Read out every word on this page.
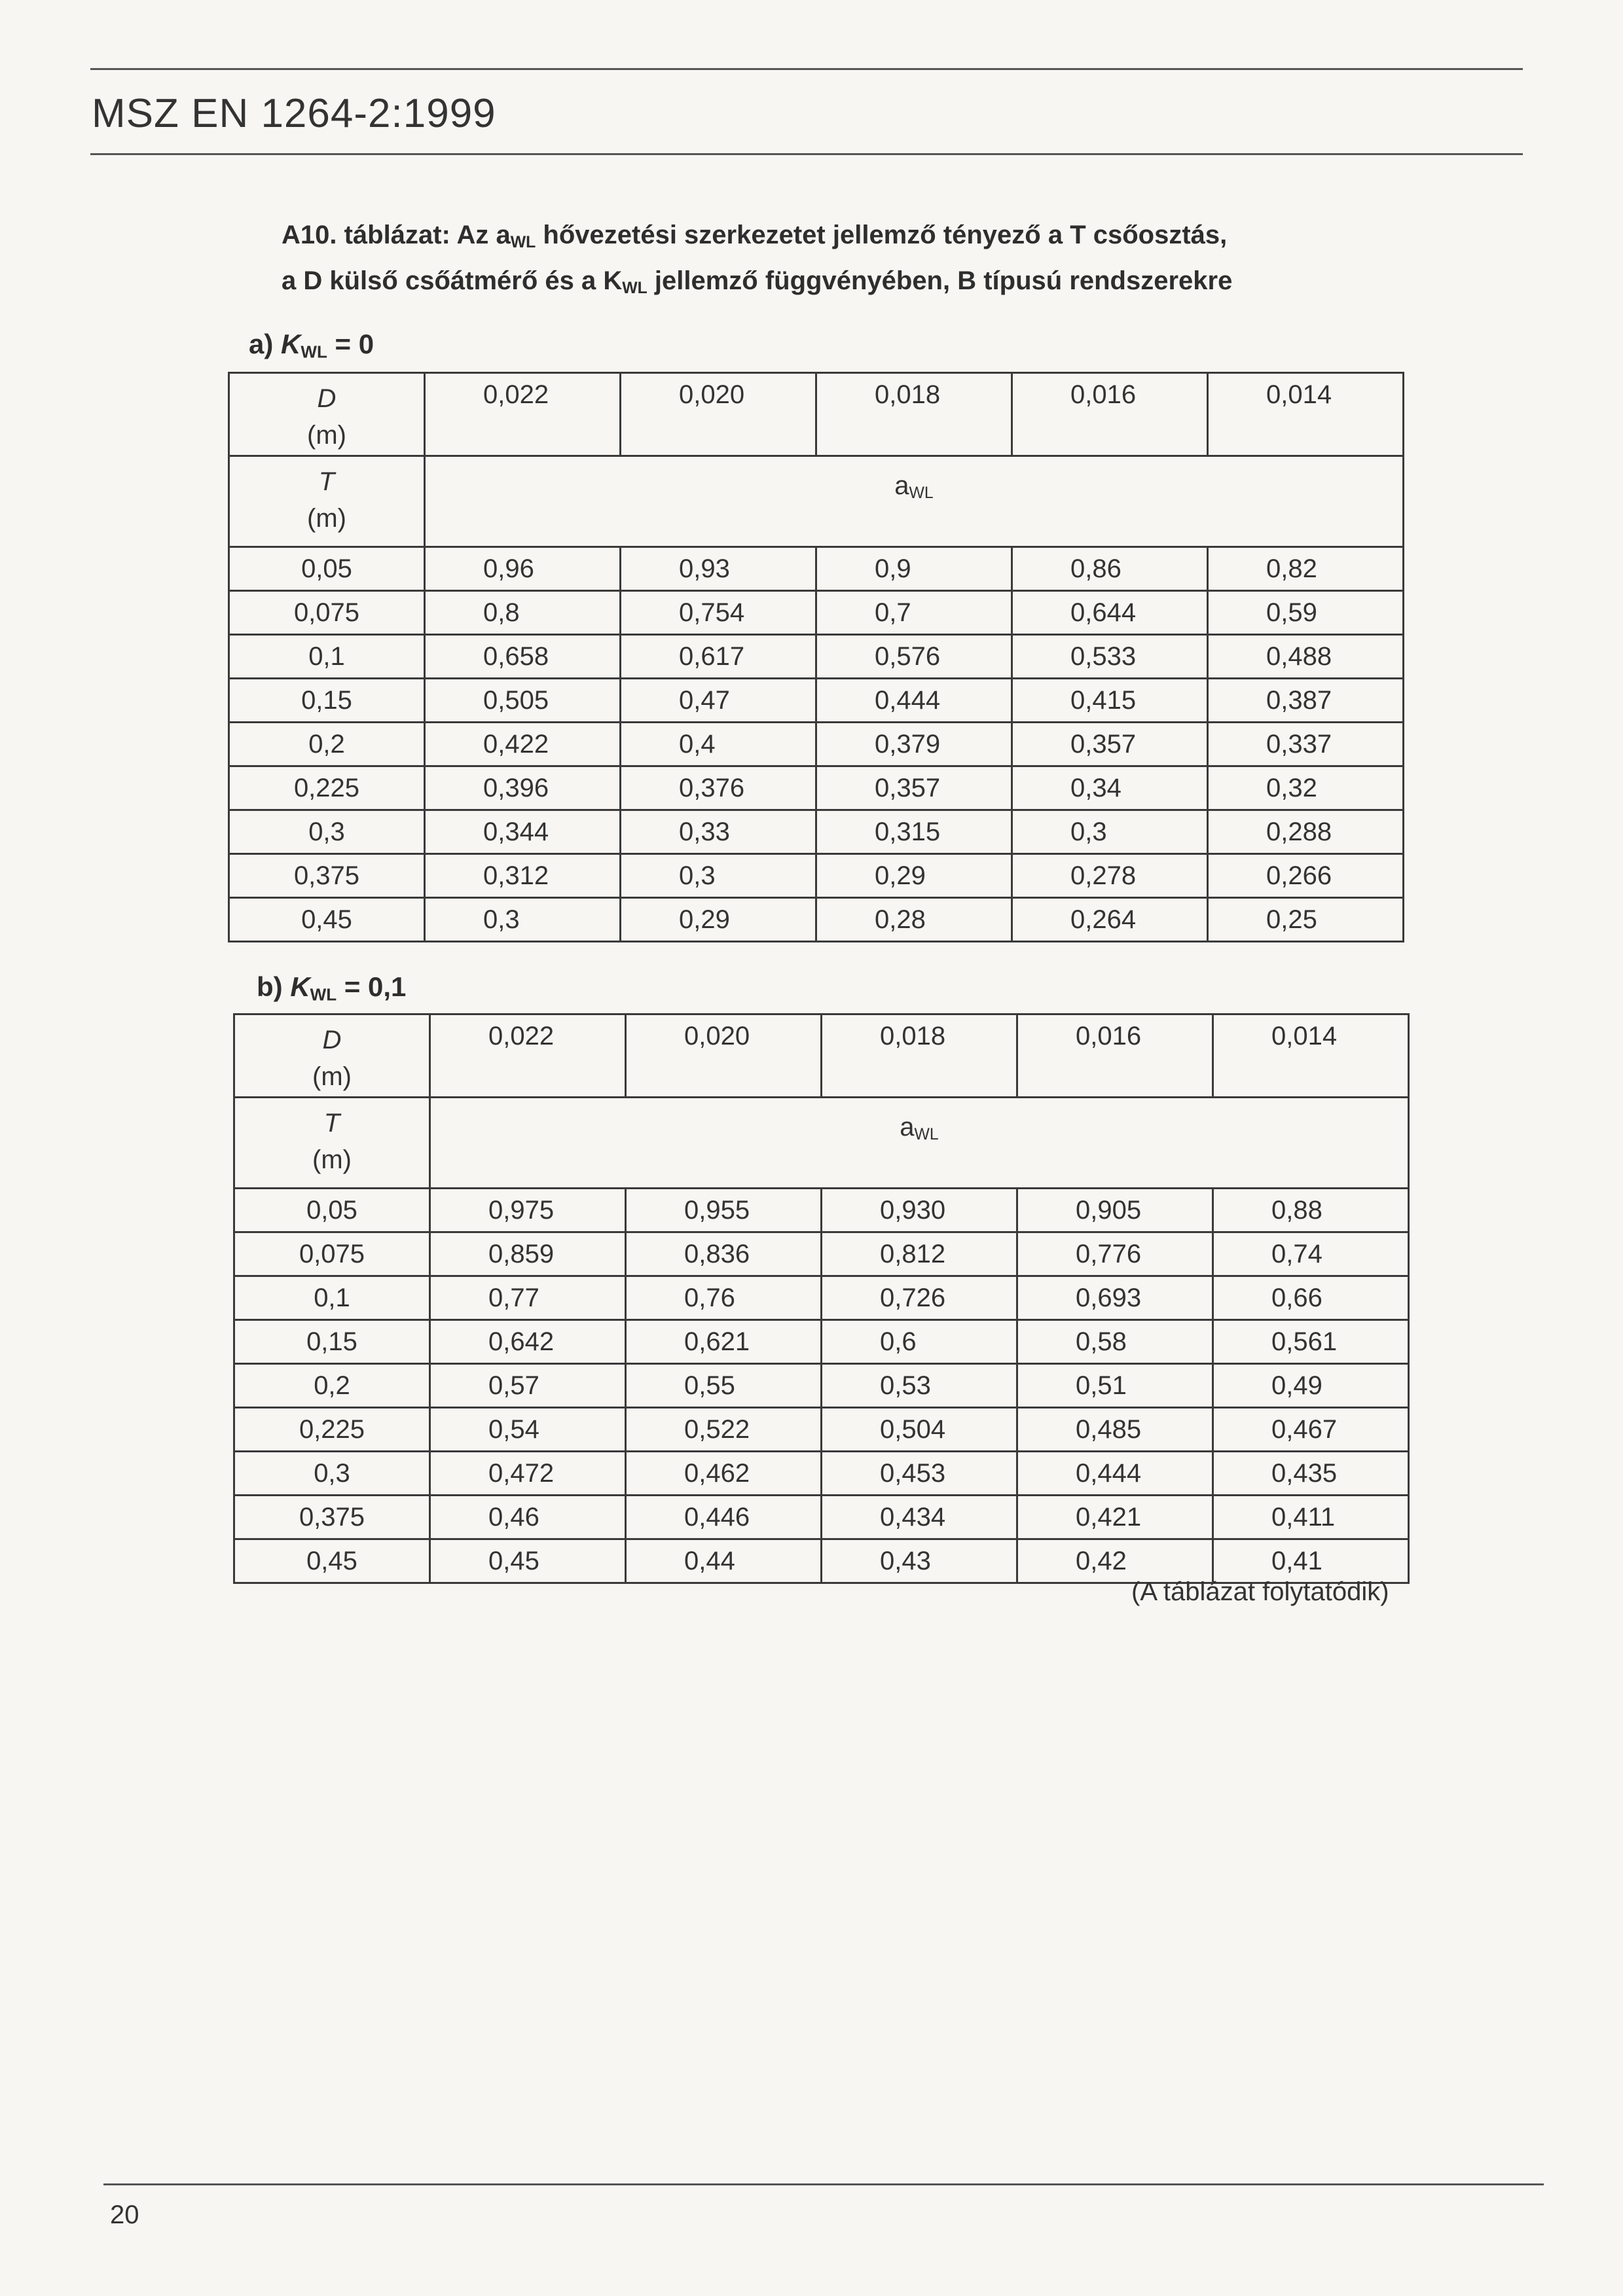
MSZ EN 1264-2:1999
A10. táblázat: Az $a_{WL}$ hővezetési szerkezetet jellemző tényező a T csőosztás,
a D külső csőátmérő és a $K_{WL}$ jellemző függvényében, B típusú rendszerekre
a) $K_{WL} = 0$
b) $K_{WL} = 0,1$
D
(m)	0,022	0,020	0,018	0,016	0,014
T
(m)	$a_{WL}$
0,05	0,96	0,93	0,9	0,86	0,82
0,075	0,8	0,754	0,7	0,644	0,59
0,1	0,658	0,617	0,576	0,533	0,488
0,15	0,505	0,47	0,444	0,415	0,387
0,2	0,422	0,4	0,379	0,357	0,337
0,225	0,396	0,376	0,357	0,34	0,32
0,3	0,344	0,33	0,315	0,3	0,288
0,375	0,312	0,3	0,29	0,278	0,266
0,45	0,3	0,29	0,28	0,264	0,25
D
(m)	0,022	0,020	0,018	0,016	0,014
T
(m)	$a_{WL}$
0,05	0,975	0,955	0,930	0,905	0,88
0,075	0,859	0,836	0,812	0,776	0,74
0,1	0,77	0,76	0,726	0,693	0,66
0,15	0,642	0,621	0,6	0,58	0,561
0,2	0,57	0,55	0,53	0,51	0,49
0,225	0,54	0,522	0,504	0,485	0,467
0,3	0,472	0,462	0,453	0,444	0,435
0,375	0,46	0,446	0,434	0,421	0,411
0,45	0,45	0,44	0,43	0,42	0,41
(A táblázat folytatódik)
20
